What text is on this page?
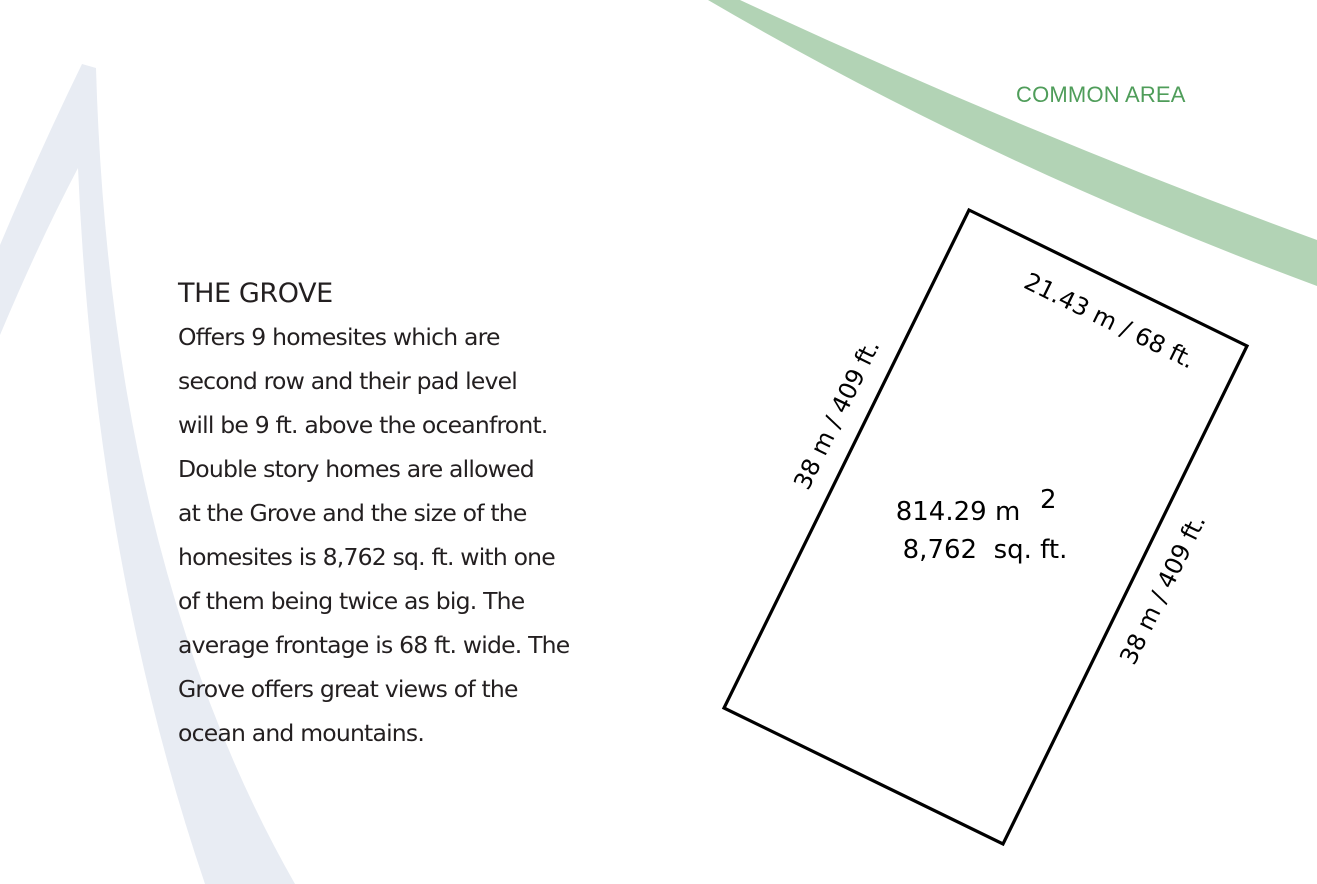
COMMON AREA
THE GROVE
Offers 9 homesites which are
second row and their pad level
will be 9 ft. above the oceanfront.
Double story homes are allowed
at the Grove and the size of the
homesites is 8,762 sq. ft. with one
of them being twice as big. The
average frontage is 68 ft. wide. The
Grove offers great views of the
ocean and mountains.
21.43 m / 68 ft.
38 m / 409 ft.
38 m / 409 ft.
814.29 m 2
8,762  sq. ft.
